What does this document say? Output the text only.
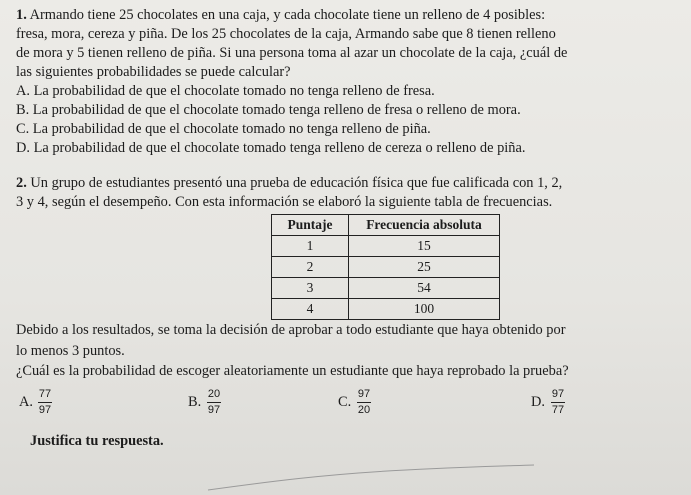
1. Armando tiene 25 chocolates en una caja, y cada chocolate tiene un relleno de 4 posibles:
fresa, mora, cereza y piña. De los 25 chocolates de la caja, Armando sabe que 8 tienen relleno
de mora y 5 tienen relleno de piña. Si una persona toma al azar un chocolate de la caja, ¿cuál de
las siguientes probabilidades se puede calcular?
A. La probabilidad de que el chocolate tomado no tenga relleno de fresa.
B. La probabilidad de que el chocolate tomado tenga relleno de fresa o relleno de mora.
C. La probabilidad de que el chocolate tomado no tenga relleno de piña.
D. La probabilidad de que el chocolate tomado tenga relleno de cereza o relleno de piña.
2. Un grupo de estudiantes presentó una prueba de educación física que fue calificada con 1, 2,
3 y 4, según el desempeño. Con esta información se elaboró la siguiente tabla de frecuencias.
Puntaje	Frecuencia absoluta
1	15
2	25
3	54
4	100
Debido a los resultados, se toma la decisión de aprobar a todo estudiante que haya obtenido por
lo menos 3 puntos.
¿Cuál es la probabilidad de escoger aleatoriamente un estudiante que haya reprobado la prueba?
A. 77
97	B. 20
97	C. 97
20	D. 97
77
Justifica tu respuesta.
